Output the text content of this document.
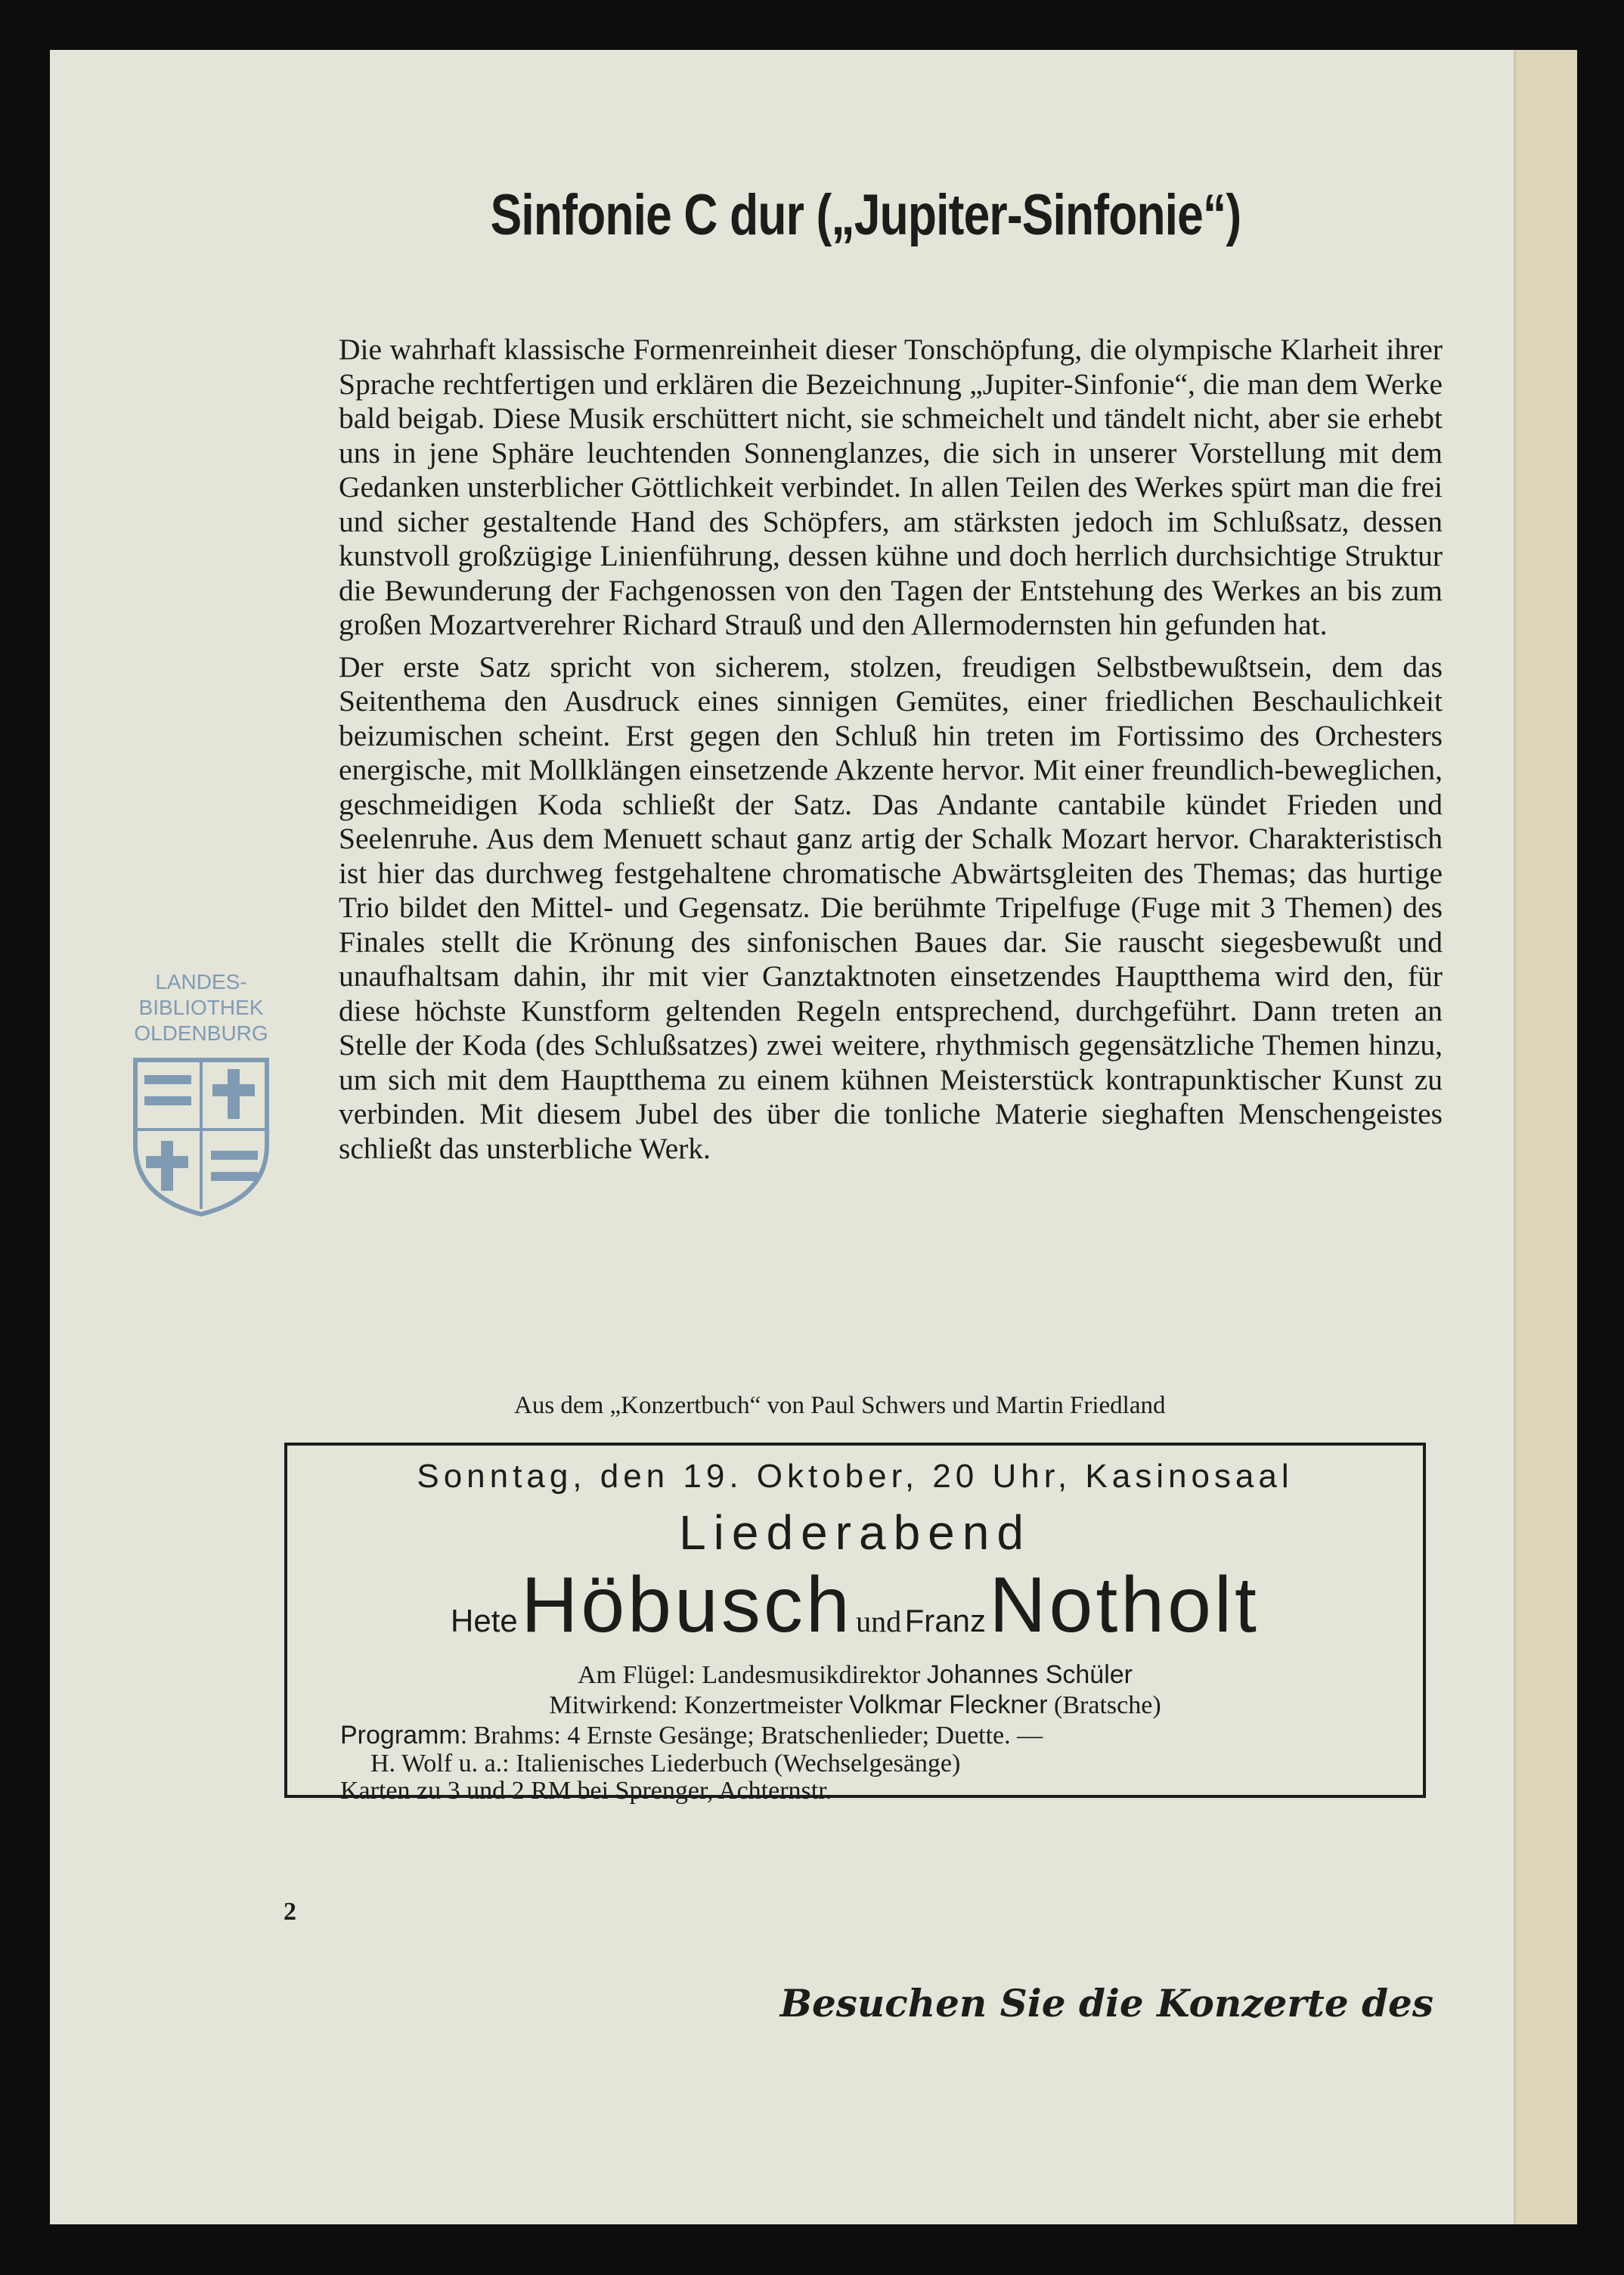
LANDES-
BIBLIOTHEK
OLDENBURG
Sinfonie C dur („Jupiter-Sinfonie“)

Die wahrhaft klassische Formenreinheit dieser Tonschöpfung, die olympische Klarheit ihrer Sprache rechtfertigen und erklären die Bezeichnung „Jupiter-Sinfonie“, die man dem Werke bald beigab. Diese Musik erschüttert nicht, sie schmeichelt und tändelt nicht, aber sie erhebt uns in jene Sphäre leuchtenden Sonnenglanzes, die sich in unserer Vorstellung mit dem Gedanken unsterblicher Göttlichkeit verbindet. In allen Teilen des Werkes spürt man die frei und sicher gestaltende Hand des Schöpfers, am stärksten jedoch im Schlußsatz, dessen kunstvoll großzügige Linienführung, dessen kühne und doch herrlich durchsichtige Struktur die Bewunderung der Fachgenossen von den Tagen der Entstehung des Werkes an bis zum großen Mozartverehrer Richard Strauß und den Allermodernsten hin gefunden hat.

Der erste Satz spricht von sicherem, stolzen, freudigen Selbstbewußtsein, dem das Seitenthema den Ausdruck eines sinnigen Gemütes, einer friedlichen Beschaulichkeit beizumischen scheint. Erst gegen den Schluß hin treten im Fortissimo des Orchesters energische, mit Mollklängen einsetzende Akzente hervor. Mit einer freundlich-beweglichen, geschmeidigen Koda schließt der Satz. Das Andante cantabile kündet Frieden und Seelenruhe. Aus dem Menuett schaut ganz artig der Schalk Mozart hervor. Charakteristisch ist hier das durchweg festgehaltene chromatische Abwärtsgleiten des Themas; das hurtige Trio bildet den Mittel- und Gegensatz. Die berühmte Tripelfuge (Fuge mit 3 Themen) des Finales stellt die Krönung des sinfonischen Baues dar. Sie rauscht siegesbewußt und unaufhaltsam dahin, ihr mit vier Ganztaktnoten einsetzendes Hauptthema wird den, für diese höchste Kunstform geltenden Regeln entsprechend, durchgeführt. Dann treten an Stelle der Koda (des Schlußsatzes) zwei weitere, rhythmisch gegensätzliche Themen hinzu, um sich mit dem Hauptthema zu einem kühnen Meisterstück kontrapunktischer Kunst zu verbinden. Mit diesem Jubel des über die tonliche Materie sieghaften Menschengeistes schließt das unsterbliche Werk.

Aus dem „Konzertbuch“ von Paul Schwers und Martin Friedland
Sonntag, den 19. Oktober, 20 Uhr, Kasinosaal
Liederabend
Hete Höbusch und Franz Notholt
Am Flügel: Landesmusikdirektor Johannes Schüler
Mitwirkend: Konzertmeister Volkmar Fleckner (Bratsche)
Programm: Brahms: 4 Ernste Gesänge; Bratschenlieder; Duette. —
H. Wolf u. a.: Italienisches Liederbuch (Wechselgesänge)
Karten zu 3 und 2 RM bei Sprenger, Achternstr.
2
Besuchen Sie die Konzerte des
